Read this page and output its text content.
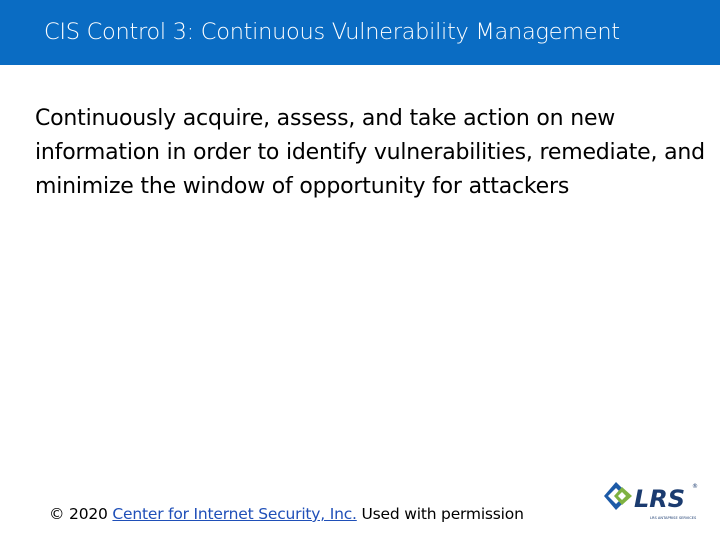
CIS Control 3: Continuous Vulnerability Management

Continuously acquire, assess, and take action on new information in order to identify vulnerabilities, remediate, and minimize the window of opportunity for attackers

© 2020 Center for Internet Security, Inc. Used with permission

LRS ®
LRS ANTAPRISE SERVICES
